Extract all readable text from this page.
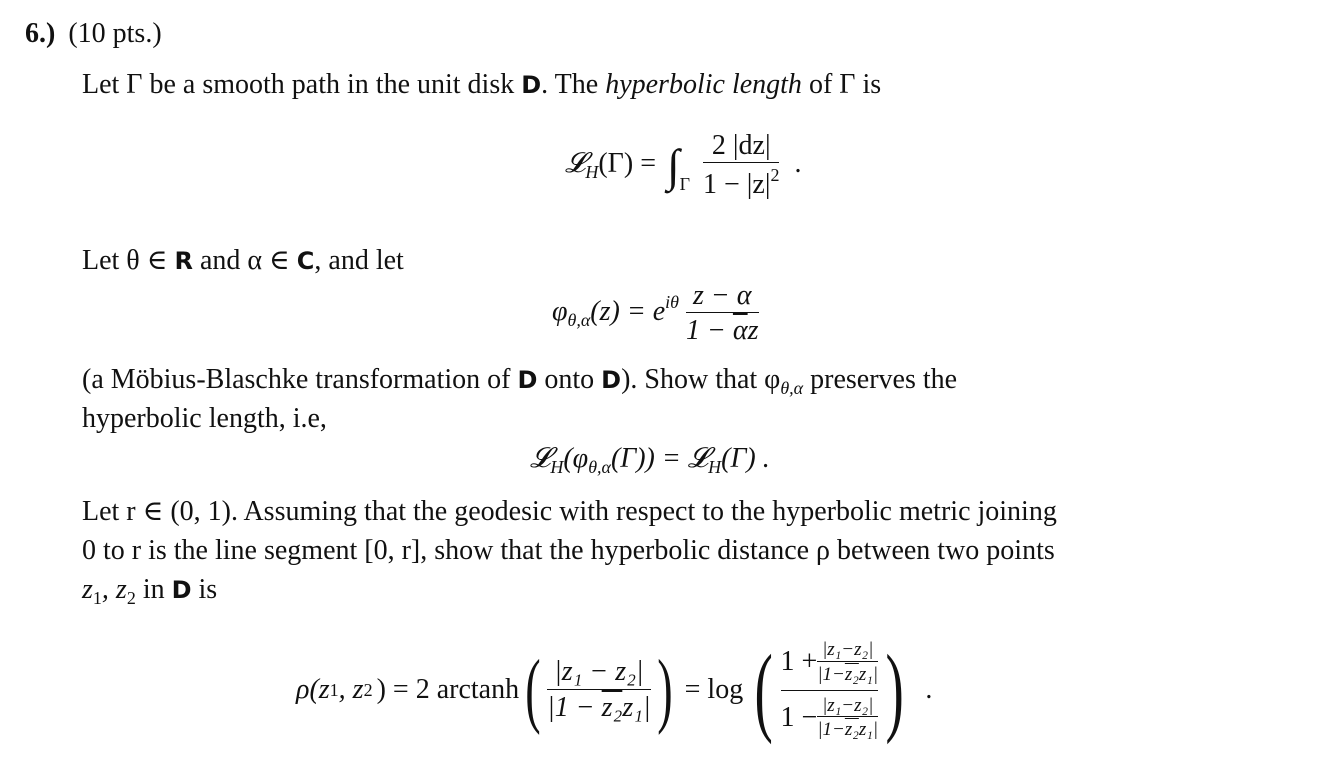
6.) (10 pts.)
Let Γ be a smooth path in the unit disk D. The hyperbolic length of Γ is
𝓛$_H$(Γ) = $\int_\Gamma \frac{2 |dz|}{1 - |z|^2}$ .
Let θ ∈ R and α ∈ C, and let
$\varphi_{\theta,\alpha}(z) = e^{i\theta} \frac{z - \alpha}{1 - \overline{\alpha}z}$
(a Möbius-Blaschke transformation of D onto D). Show that $\varphi_{\theta,\alpha}$ preserves the
hyperbolic length, i.e,
$𝓛_H(\varphi_{\theta,\alpha}(\Gamma))$ = 𝓛$_H$(Γ) .
Let r ∈ (0, 1). Assuming that the geodesic with respect to the hyperbolic metric joining
0 to r is the line segment [0, r], show that the hyperbolic distance ρ between two points
$z_1$, $z_2$ in D is
ρ(z 1 , z 2 ) = 2 arctanh ( $\frac{\text{|z₁ − z₂|}}{\text{|1 − z₂z₁|}}$ ) = log ( $\frac{1 + \frac{\text{|z₁−z₂|}}{\text{|1−z₂z₁|}}}{1 - \frac{\text{|z₁−z₂|}}{\text{|1−z₂z₁|}}}$ ) .
